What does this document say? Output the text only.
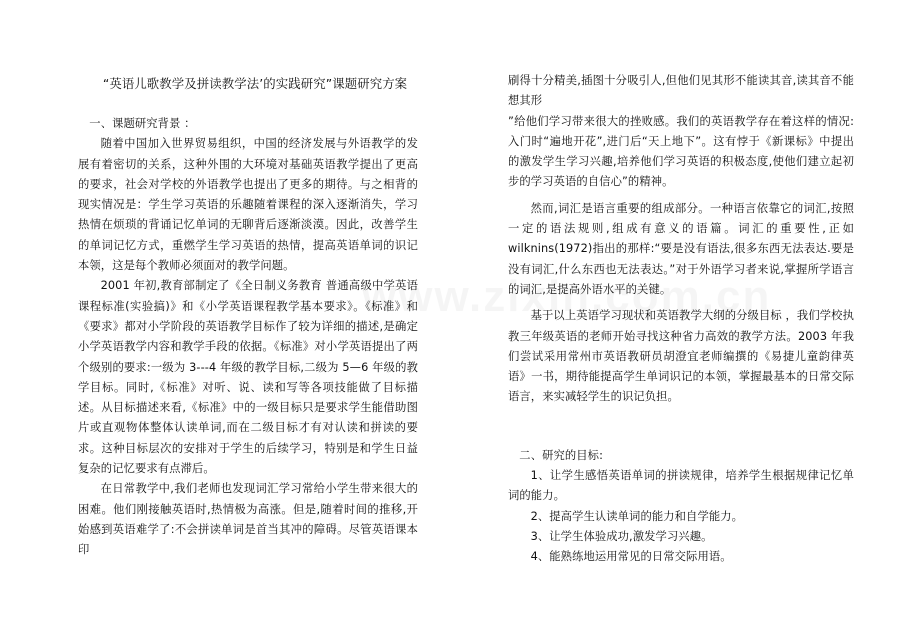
“英语儿歌教学及拼读教学法’的实践研究”课题研究方案

一、课题研究背景 ：

随着中国加入世界贸易组织，中国的经济发展与外语教学的发展有着密切的关系，这种外围的大环境对基础英语教学提出了更高的要求，社会对学校的外语教学也提出了更多的期待。与之相背的现实情况是：学生学习英语的乐趣随着课程的深入逐渐消失，学习热情在烦琐的背诵记忆单词的无聊背后逐渐淡漠。因此，改善学生的单词记忆方式，重燃学生学习英语的热情，提高英语单词的识记本领，这是每个教师必须面对的教学问题。

2001 年初,教育部制定了《全日制义务教育 普通高级中学英语课程标准(实验搞)》和《小学英语课程教学基本要求》。《标准》和《要求》都对小学阶段的英语教学目标作了较为详细的描述,是确定小学英语教学内容和教学手段的依据。《标准》对小学英语提出了两个级别的要求:一级为 3---4 年级的教学目标,二级为 5—6 年级的教学目标。同时,《标准》对听、说、读和写等各项技能做了目标描述。从目标描述来看,《标准》中的一级目标只是要求学生能借助图片或直观物体整体认读单词,而在二级目标才有对认读和拼读的要求。这种目标层次的安排对于学生的后续学习，特别是和学生日益复杂的记忆要求有点滞后。

在日常教学中,我们老师也发现词汇学习常给小学生带来很大的困难。他们刚接触英语时,热情极为高涨。但是,随着时间的推移,开始感到英语难学了:不会拼读单词是首当其冲的障碍。尽管英语课本印

刷得十分精美,插图十分吸引人,但他们见其形不能读其音,读其音不能想其形

”给他们学习带来很大的挫败感。我们的英语教学存在着这样的情况:入门时“遍地开花”,进门后“天上地下”。这有悖于《新课标》中提出的激发学生学习兴趣,培养他们学习英语的积极态度,使他们建立起初步的学习英语的自信心”的精神。

然而,词汇是语言重要的组成部分。一种语言依靠它的词汇,按照一定的语法规则,组成有意义的语篇。词汇的重要性,正如 wilknins(1972)指出的那样:“要是没有语法,很多东西无法表达.要是没有词汇,什么东西也无法表达。”对于外语学习者来说,掌握所学语言的词汇,是提高外语水平的关键。

基于以上英语学习现状和英语教学大纲的分级目标 ，我们学校执教三年级英语的老师开始寻找这种省力高效的教学方法。2003 年我们尝试采用常州市英语教研员胡澄宜老师编撰的《易捷儿童韵律英语》一书，期待能提高学生单词识记的本领，掌握最基本的日常交际语言，来实减轻学生的识记负担。

二、研究的目标:

1、让学生感悟英语单词的拼读规律，培养学生根据规律记忆单词的能力。

2、提高学生认读单词的能力和自学能力。

3、让学生体验成功,激发学习兴趣。

4、能熟练地运用常见的日常交际用语。
